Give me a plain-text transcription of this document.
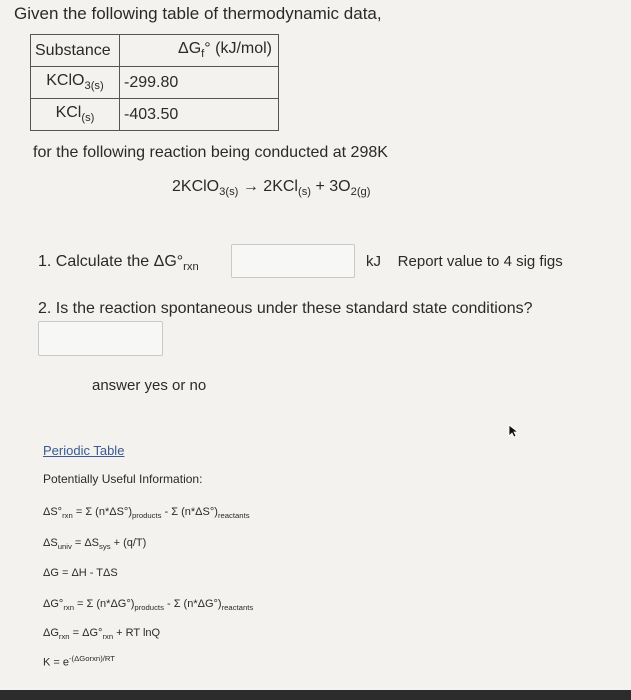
Given the following table of thermodynamic data,
Substance	$\Delta G_f^\circ$ (kJ/mol)
KClO$_{3(s)}$	-299.80
KCl$_{(s)}$	-403.50
for the following reaction being conducted at 298K
2KClO$_{3(s)}$ → $2KCl_{(s)} + 3O_{2(g)}$
1. Calculate the $\Delta G^\circ_{rxn}$	kJ Report value to 4 sig figs
2. Is the reaction spontaneous under these standard state conditions?
answer yes or no
Periodic Table
Potentially Useful Information:
$\Delta S^\circ_{rxn} = \Sigma$ $(n*\Delta S^\circ)_{products}$ - Σ $(n*\Delta S^\circ)_{reactants}$
$\Delta S_{univ} = \Delta S_{sys} + (q/T)$
ΔG = ΔH - TΔS
$\Delta G^\circ_{rxn} = \Sigma$ $(n*\Delta G^\circ)_{products}$ - Σ $(n*\Delta G^\circ)_{reactants}$
$\Delta G_{rxn} = \Delta G^\circ_{rxn}$ + RT lnQ
$K = e^{-(\Delta Gorxn)/RT}$
